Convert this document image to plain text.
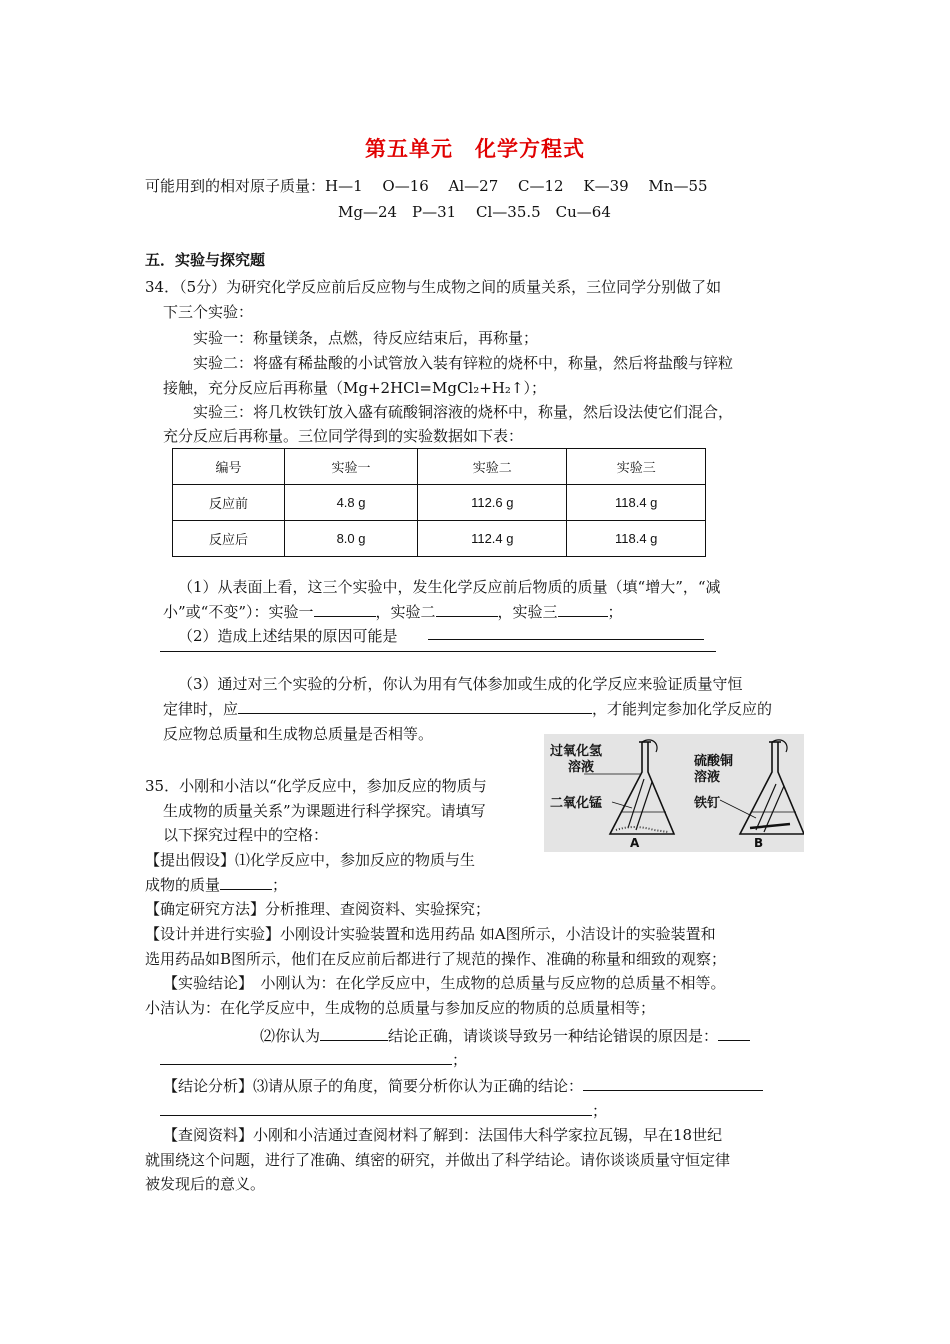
第五单元　化学方程式
可能用到的相对原子质量：H—1　 O—16　 Al—27　 C—12　 K—39　 Mn—55
Mg—24　P—31　 Cl—35.5　Cu—64
五．实验与探究题
34．（5分）为研究化学反应前后反应物与生成物之间的质量关系，三位同学分别做了如
下三个实验：
实验一：称量镁条，点燃，待反应结束后，再称量；
实验二：将盛有稀盐酸的小试管放入装有锌粒的烧杯中，称量，然后将盐酸与锌粒
接触，充分反应后再称量（Mg+2HCl=MgCl₂+H₂↑）；
实验三：将几枚铁钉放入盛有硫酸铜溶液的烧杯中，称量，然后设法使它们混合，
充分反应后再称量。三位同学得到的实验数据如下表：
编号	实验一	实验二	实验三
反应前	4.8 g	112.6 g	118.4 g
反应后	8.0 g	112.4 g	118.4 g
（1）从表面上看，这三个实验中，发生化学反应前后物质的质量（填“增大”，“减
小”或“不变”）：实验一	，实验二	，实验三	；
（2）造成上述结果的原因可能是
（3）通过对三个实验的分析，你认为用有气体参加或生成的化学反应来验证质量守恒
定律时，应	，才能判定参加化学反应的
反应物总质量和生成物总质量是否相等。
过氧化氢
溶液
二氧化锰
硫酸铜
溶液
铁钉
A	B
35．小刚和小洁以“化学反应中，参加反应的物质与
生成物的质量关系”为课题进行科学探究。请填写
以下探究过程中的空格：
【提出假设】⑴化学反应中，参加反应的物质与生
成物的质量	；
【确定研究方法】分析推理、查阅资料、实验探究；
【设计并进行实验】小刚设计实验装置和选用药品 如A图所示，小洁设计的实验装置和
选用药品如B图所示，他们在反应前后都进行了规范的操作、准确的称量和细致的观察；
【实验结论】　小刚认为：在化学反应中，生成物的总质量与反应物的总质量不相等。
小洁认为：在化学反应中，生成物的总质量与参加反应的物质的总质量相等；
⑵你认为	结论正确，请谈谈导致另一种结论错误的原因是：
；
【结论分析】⑶请从原子的角度，简要分析你认为正确的结论：
；
【查阅资料】小刚和小洁通过查阅材料了解到：法国伟大科学家拉瓦锡，早在18世纪
就围绕这个问题，进行了准确、缜密的研究，并做出了科学结论。请你谈谈质量守恒定律
被发现后的意义。
